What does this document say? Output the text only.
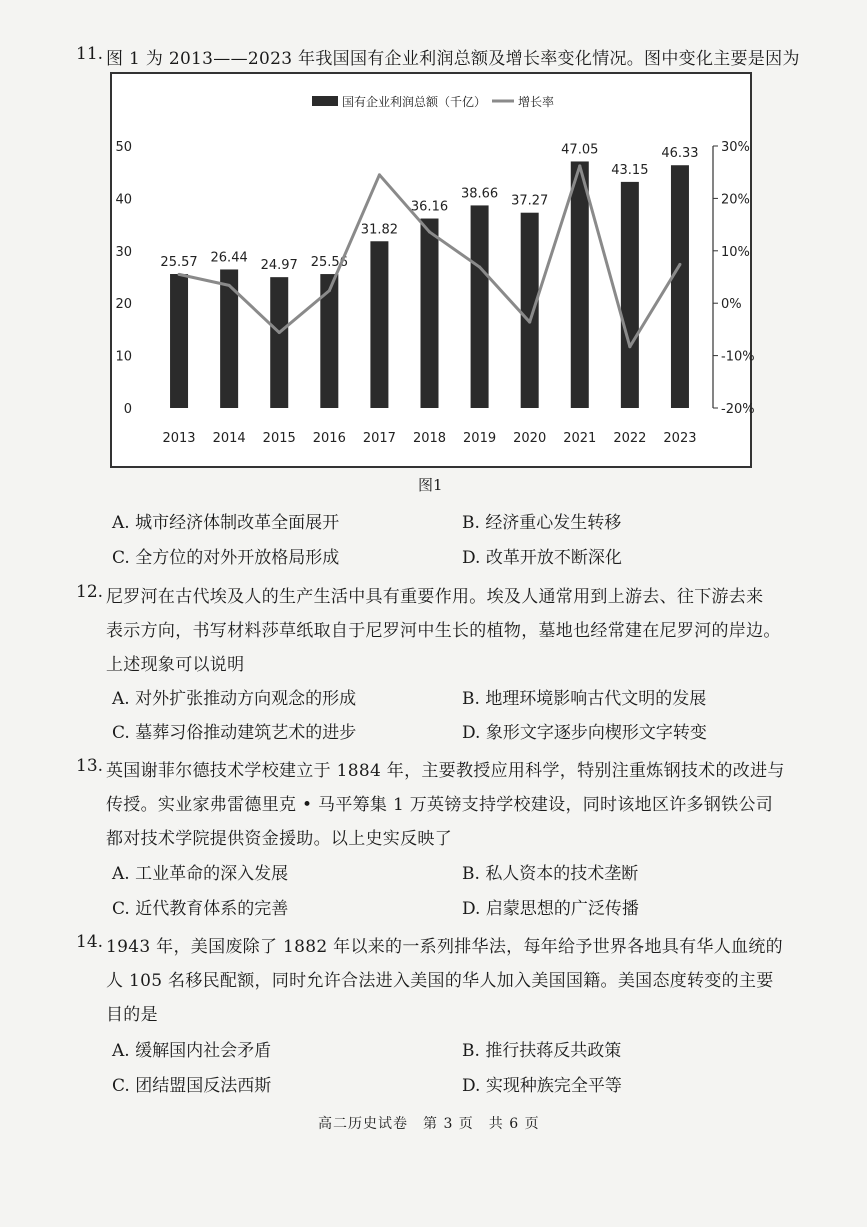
11. 图 1 为 2013——2023 年我国国有企业利润总额及增长率变化情况。图中变化主要是因为
50
40
30
20
10
0
30%
20%
10%
0%
-10%
-20%
25.57 26.44
24.97 25.56
31.82
36.16
38.66 37.27
47.05
43.15
46.33
2013 2014 2015 2016 2017 2018 2019 2020 2021 2022 2023
国有企业利润总额（千亿）	增长率
图1
A. 城市经济体制改革全面展开	B. 经济重心发生转移
C. 全方位的对外开放格局形成	D. 改革开放不断深化
12. 尼罗河在古代埃及人的生产生活中具有重要作用。埃及人通常用到上游去、往下游去来
表示方向，书写材料莎草纸取自于尼罗河中生长的植物，墓地也经常建在尼罗河的岸边。
上述现象可以说明
A. 对外扩张推动方向观念的形成	B. 地理环境影响古代文明的发展
C. 墓葬习俗推动建筑艺术的进步	D. 象形文字逐步向楔形文字转变
13. 英国谢菲尔德技术学校建立于 1884 年，主要教授应用科学，特别注重炼钢技术的改进与
传授。实业家弗雷德里克 • 马平筹集 1 万英镑支持学校建设，同时该地区许多钢铁公司
都对技术学院提供资金援助。以上史实反映了
A. 工业革命的深入发展	B. 私人资本的技术垄断
C. 近代教育体系的完善	D. 启蒙思想的广泛传播
14. 1943 年，美国废除了 1882 年以来的一系列排华法，每年给予世界各地具有华人血统的
人 105 名移民配额，同时允许合法进入美国的华人加入美国国籍。美国态度转变的主要
目的是
A. 缓解国内社会矛盾	B. 推行扶蒋反共政策
C. 团结盟国反法西斯	D. 实现种族完全平等
高二历史试卷　第 3 页　共 6 页
